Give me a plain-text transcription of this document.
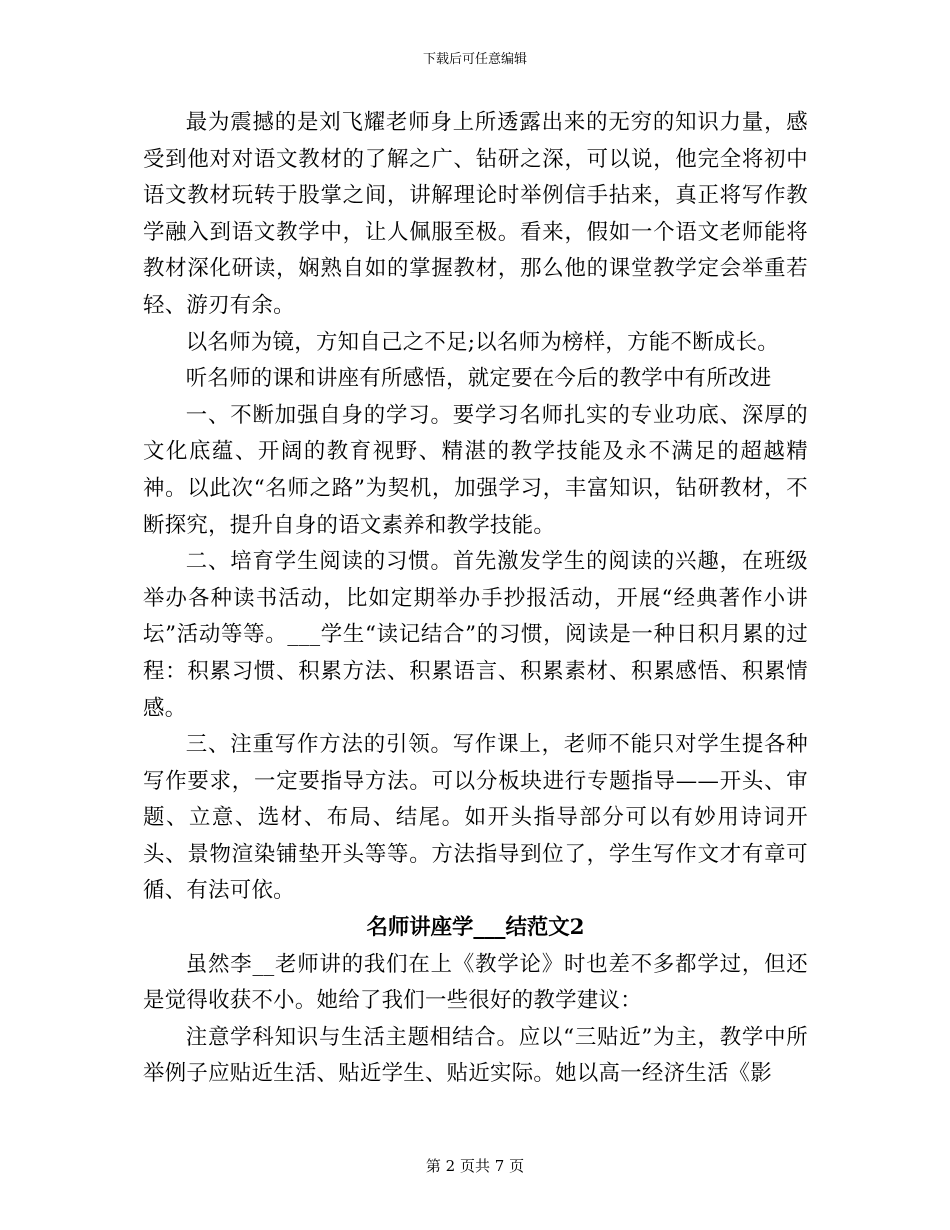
下载后可任意编辑

最为震撼的是刘飞耀老师身上所透露出来的无穷的知识力量，感受到他对对语文教材的了解之广、钻研之深，可以说，他完全将初中语文教材玩转于股掌之间，讲解理论时举例信手拈来，真正将写作教学融入到语文教学中，让人佩服至极。看来，假如一个语文老师能将教材深化研读，娴熟自如的掌握教材，那么他的课堂教学定会举重若轻、游刃有余。

以名师为镜，方知自己之不足;以名师为榜样，方能不断成长。

听名师的课和讲座有所感悟，就定要在今后的教学中有所改进

一、不断加强自身的学习。要学习名师扎实的专业功底、深厚的文化底蕴、开阔的教育视野、精湛的教学技能及永不满足的超越精神。以此次“名师之路”为契机，加强学习，丰富知识，钻研教材，不断探究，提升自身的语文素养和教学技能。

二、培育学生阅读的习惯。首先激发学生的阅读的兴趣，在班级举办各种读书活动，比如定期举办手抄报活动，开展“经典著作小讲坛”活动等等。___学生“读记结合”的习惯，阅读是一种日积月累的过程：积累习惯、积累方法、积累语言、积累素材、积累感悟、积累情感。

三、注重写作方法的引领。写作课上，老师不能只对学生提各种写作要求，一定要指导方法。可以分板块进行专题指导——开头、审题、立意、选材、布局、结尾。如开头指导部分可以有妙用诗词开头、景物渲染铺垫开头等等。方法指导到位了，学生写作文才有章可循、有法可依。

名师讲座学___结范文2

虽然李__老师讲的我们在上《教学论》时也差不多都学过，但还是觉得收获不小。她给了我们一些很好的教学建议：

注意学科知识与生活主题相结合。应以“三贴近”为主，教学中所举例子应贴近生活、贴近学生、贴近实际。她以高一经济生活《影

第 2 页共 7 页
